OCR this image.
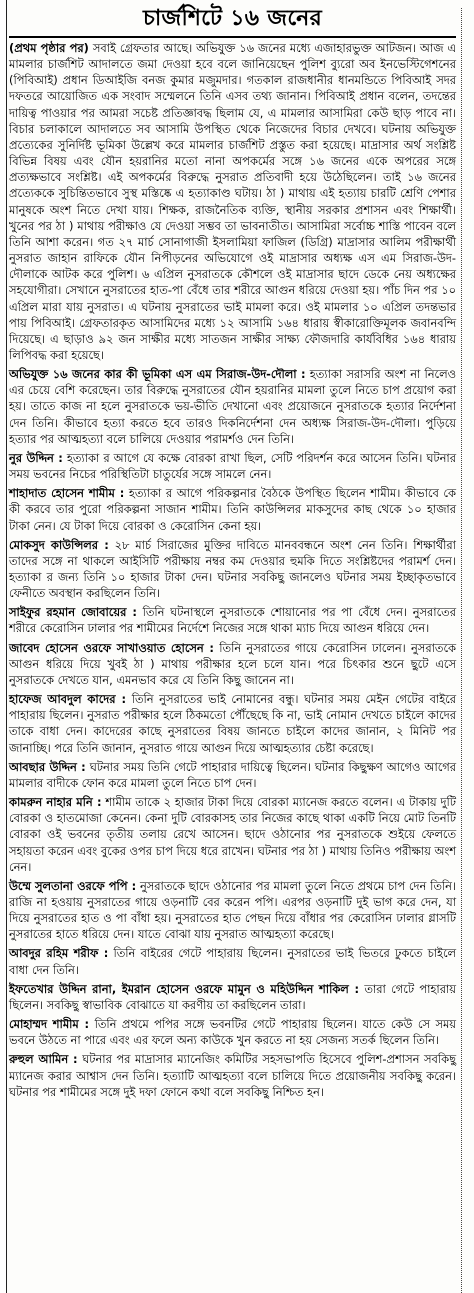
চার্জশিটে ১৬ জনের

(প্রথম পৃষ্ঠার পর) সবাই গ্রেফতার আছে। অভিযুক্ত ১৬ জনের মধ্যে এজাহারভুক্ত আটজন। আজ এ মামলার চার্জশিট আদালতে জমা দেওয়া হবে বলে জানিয়েছেন পুলিশ ব্যুরো অব ইনভেস্টিগেশনের (পিবিআই) প্রধান ডিআইজি বনজ কুমার মজুমদার। গতকাল রাজধানীর ধানমন্ডিতে পিবিআই সদর দফতরে আয়োজিত এক সংবাদ সম্মেলনে তিনি এসব তথ্য জানান। পিবিআই প্রধান বলেন, তদন্তের দায়িত্ব পাওয়ার পর আমরা সচেষ্ট প্রতিজ্ঞাবদ্ধ ছিলাম যে, এ মামলার আসামিরা কেউ ছাড় পাবে না। বিচার চলাকালে আদালতে সব আসামি উপস্থিত থেকে নিজেদের বিচার দেখবে। ঘটনায় অভিযুক্ত প্রত্যেকের সুনির্দিষ্ট ভূমিকা উল্লেখ করে মামলার চার্জশিট প্রস্তুত করা হয়েছে। মাদ্রাসার অর্থ সংশ্লিষ্ট বিভিন্ন বিষয় এবং যৌন হয়রানির মতো নানা অপকর্মের সঙ্গে ১৬ জনের একে অপরের সঙ্গে প্রত্যক্ষভাবে সংশ্লিষ্ট। এই অপকর্মের বিরুদ্ধে নুসরাত প্রতিবাদী হয়ে উঠেছিলেন। তাই ১৬ জনের প্রত্যেককে সুচিন্তিতভাবে সুস্থ মস্তিষ্কে এ হত্যাকাণ্ড ঘটায়। ঠা ) মাথায় এই হত্যায় চারটি শ্রেণি পেশার মানুষকে অংশ নিতে দেখা যায়। শিক্ষক, রাজনৈতিক ব্যক্তি, স্থানীয় সরকার প্রশাসন এবং শিক্ষার্থী। খুনের পর ঠা ) মাথায় পরীক্ষাও যে দেওয়া সম্ভব তা ভাবনাতীত। আসামিরা সর্বোচ্চ শাস্তি পাবেন বলে তিনি আশা করেন। গত ২৭ মার্চ সোনাগাজী ইসলামিয়া ফাজিল (ডিগ্রি) মাদ্রাসার আলিম পরীক্ষার্থী নুসরাত জাহান রাফিকে যৌন নিপীড়নের অভিযোগে ওই মাদ্রাসার অধ্যক্ষ এস এম সিরাজ-উদ-দৌলাকে আটক করে পুলিশ। ৬ এপ্রিল নুসরাতকে কৌশলে ওই মাদ্রাসার ছাদে ডেকে নেয় অধ্যক্ষের সহযোগীরা। সেখানে নুসরাতের হাত-পা বেঁধে তার শরীরে আগুন ধরিয়ে দেওয়া হয়। পাঁচ দিন পর ১০ এপ্রিল মারা যায় নুসরাত। এ ঘটনায় নুসরাতের ভাই মামলা করে। ওই মামলার ১০ এপ্রিল তদন্তভার পায় পিবিআই। গ্রেফতারকৃত আসামিদের মধ্যে ১২ আসামি ১৬৪ ধারায় স্বীকারোক্তিমূলক জবানবন্দি দিয়েছে। এ ছাড়াও ৯২ জন সাক্ষীর মধ্যে সাতজন সাক্ষীর সাক্ষ্য ফৌজদারি কার্যবিধির ১৬৪ ধারায় লিপিবদ্ধ করা হয়েছে।

অভিযুক্ত ১৬ জনের কার কী ভূমিকা এস এম সিরাজ-উদ-দৌলা : হত্যাকা সরাসরি অংশ না নিলেও এর চেয়ে বেশি করেছেন। তার বিরুদ্ধে নুসরাতের যৌন হয়রানির মামলা তুলে নিতে চাপ প্রয়োগ করা হয়। তাতে কাজ না হলে নুসরাতকে ভয়-ভীতি দেখানো এবং প্রয়োজনে নুসরাতকে হত্যার নির্দেশনা দেন তিনি। কীভাবে হত্যা করতে হবে তারও দিকনির্দেশনা দেন অধ্যক্ষ সিরাজ-উদ-দৌলা। পুড়িয়ে হত্যার পর আত্মহত্যা বলে চালিয়ে দেওয়ার পরামর্শও দেন তিনি।

নুর উদ্দিন : হত্যাকা র আগে যে কক্ষে বোরকা রাখা ছিল, সেটি পরিদর্শন করে আসেন তিনি। ঘটনার সময় ভবনের নিচের পরিস্থিতিটা চাতুর্যের সঙ্গে সামলে নেন।

শাহাদাত হোসেন শামীম : হত্যাকা র আগে পরিকল্পনার বৈঠকে উপস্থিত ছিলেন শামীম। কীভাবে কে কী করবে তার পুরো পরিকল্পনা সাজান শামীম। তিনি কাউন্সিলর মাকসুদের কাছ থেকে ১০ হাজার টাকা নেন। যে টাকা দিয়ে বোরকা ও কেরোসিন কেনা হয়।

মোকসুদ কাউন্সিলর : ২৮ মার্চ সিরাজের মুক্তির দাবিতে মানববন্ধনে অংশ নেন তিনি। শিক্ষার্থীরা তাদের সঙ্গে না থাকলে আইসিটি পরীক্ষায় নম্বর কম দেওয়ার হুমকি দিতে সংশ্লিষ্টদের পরামর্শ দেন। হত্যাকা র জন্য তিনি ১০ হাজার টাকা দেন। ঘটনার সবকিছু জানলেও ঘটনার সময় ইচ্ছাকৃতভাবে ফেনীতে অবস্থান করছিলেন তিনি।

সাইফুর রহমান জোবায়ের : তিনি ঘটনাস্থলে নুসরাতকে শোয়ানোর পর পা বেঁধে দেন। নুসরাতের শরীরে কেরোসিন ঢালার পর শামীমের নির্দেশে নিজের সঙ্গে থাকা ম্যাচ দিয়ে আগুন ধরিয়ে দেন।

জাবেদ হোসেন ওরফে সাখাওয়াত হোসেন : তিনি নুসরাতের গায়ে কেরোসিন ঢালেন। নুসরাতকে আগুন ধরিয়ে দিয়ে খুবই ঠা ) মাথায় পরীক্ষার হলে চলে যান। পরে চিৎকার শুনে ছুটে এসে নুসরাতকে দেখতে যান, এমনভাব করে যে তিনি কিছু জানেন না।

হাফেজ আবদুল কাদের : তিনি নুসরাতের ভাই নোমানের বন্ধু। ঘটনার সময় মেইন গেটের বাইরে পাহারায় ছিলেন। নুসরাত পরীক্ষার হলে ঠিকমতো পৌঁছেছে কি না, ভাই নোমান দেখতে চাইলে কাদের তাকে বাধা দেন। কাদেরের কাছে নুসরাতের বিষয় জানতে চাইলে কাদের জানান, ২ মিনিট পর জানাচ্ছি। পরে তিনি জানান, নুসরাত গায়ে আগুন দিয়ে আত্মহত্যার চেষ্টা করেছে।

আবছার উদ্দিন : ঘটনার সময় তিনি গেটে পাহারার দায়িত্বে ছিলেন। ঘটনার কিছুক্ষণ আগেও আগের মামলার বাদীকে ফোন করে মামলা তুলে নিতে চাপ দেন।

কামরুন নাহার মনি : শামীম তাকে ২ হাজার টাকা দিয়ে বোরকা ম্যানেজ করতে বলেন। এ টাকায় দুটি বোরকা ও হাতমোজা কেনেন। কেনা দুটি বোরকাসহ তার নিজের কাছে থাকা একটি নিয়ে মোট তিনটি বোরকা ওই ভবনের তৃতীয় তলায় রেখে আসেন। ছাদে ওঠানোর পর নুসরাতকে শুইয়ে ফেলতে সহায়তা করেন এবং বুকের ওপর চাপ দিয়ে ধরে রাখেন। ঘটনার পর ঠা ) মাথায় তিনিও পরীক্ষায় অংশ নেন।

উম্মে সুলতানা ওরফে পপি : নুসরাতকে ছাদে ওঠানোর পর মামলা তুলে নিতে প্রথমে চাপ দেন তিনি। রাজি না হওয়ায় নুসরাতের গায়ে ওড়নাটি বের করেন পপি। এরপর ওড়নাটি দুই ভাগ করে দেন, যা দিয়ে নুসরাতের হাত ও পা বাঁধা হয়। নুসরাতের হাত পেছন দিয়ে বাঁধার পর কেরোসিন ঢালার গ্লাসটি নুসরাতের হাতে ধরিয়ে দেন। যাতে বোঝা যায় নুসরাত আত্মহত্যা করেছে।

আবদুর রহিম শরীফ : তিনি বাইরের গেটে পাহারায় ছিলেন। নুসরাতের ভাই ভিতরে ঢুকতে চাইলে বাধা দেন তিনি।

ইফতেখার উদ্দিন রানা, ইমরান হোসেন ওরফে মামুন ও মহিউদ্দিন শাকিল : তারা গেটে পাহারায় ছিলেন। সবকিছু স্বাভাবিক বোঝাতে যা করণীয় তা করছিলেন তারা।

মোহাম্মদ শামীম : তিনি প্রথমে পপির সঙ্গে ভবনটির গেটে পাহারায় ছিলেন। যাতে কেউ সে সময় ভবনে উঠতে না পারে এবং এর ফলে অন্য কাউকে খুন করতে না হয় সেজন্য সতর্ক ছিলেন তিনি।

রুহুল আমিন : ঘটনার পর মাদ্রাসার ম্যানেজিং কমিটির সহসভাপতি হিসেবে পুলিশ-প্রশাসন সবকিছু ম্যানেজ করার আশ্বাস দেন তিনি। হত্যাটি আত্মহত্যা বলে চালিয়ে দিতে প্রয়োজনীয় সবকিছু করেন। ঘটনার পর শামীমের সঙ্গে দুই দফা ফোনে কথা বলে সবকিছু নিশ্চিত হন।
